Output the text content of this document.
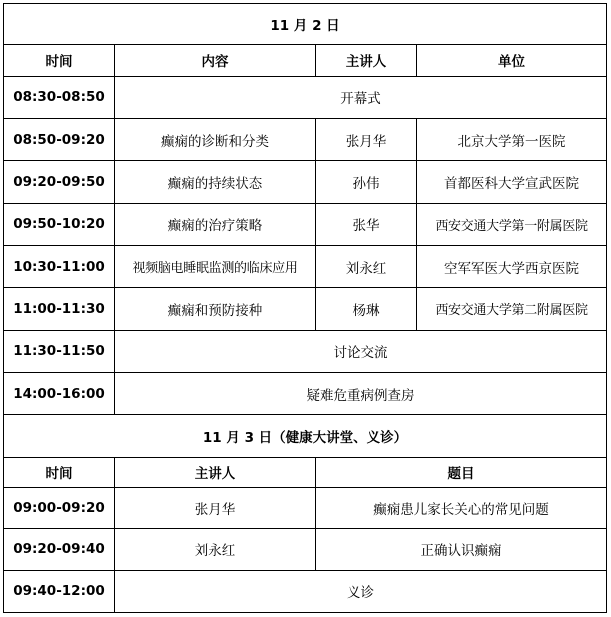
11 月 2 日			
时间	内容	主讲人	单位
08:30-08:50	开幕式		
08:50-09:20	癫痫的诊断和分类	张月华	北京大学第一医院
09:20-09:50	癫痫的持续状态	孙伟	首都医科大学宣武医院
09:50-10:20	癫痫的治疗策略	张华	西安交通大学第一附属医院
10:30-11:00	视频脑电睡眠监测的临床应用	刘永红	空军军医大学西京医院
11:00-11:30	癫痫和预防接种	杨琳	西安交通大学第二附属医院
11:30-11:50	讨论交流		
14:00-16:00	疑难危重病例查房		
11 月 3 日（健康大讲堂、义诊）			
时间	主讲人	题目	
09:00-09:20	张月华	癫痫患儿家长关心的常见问题	
09:20-09:40	刘永红	正确认识癫痫	
09:40-12:00	义诊		
